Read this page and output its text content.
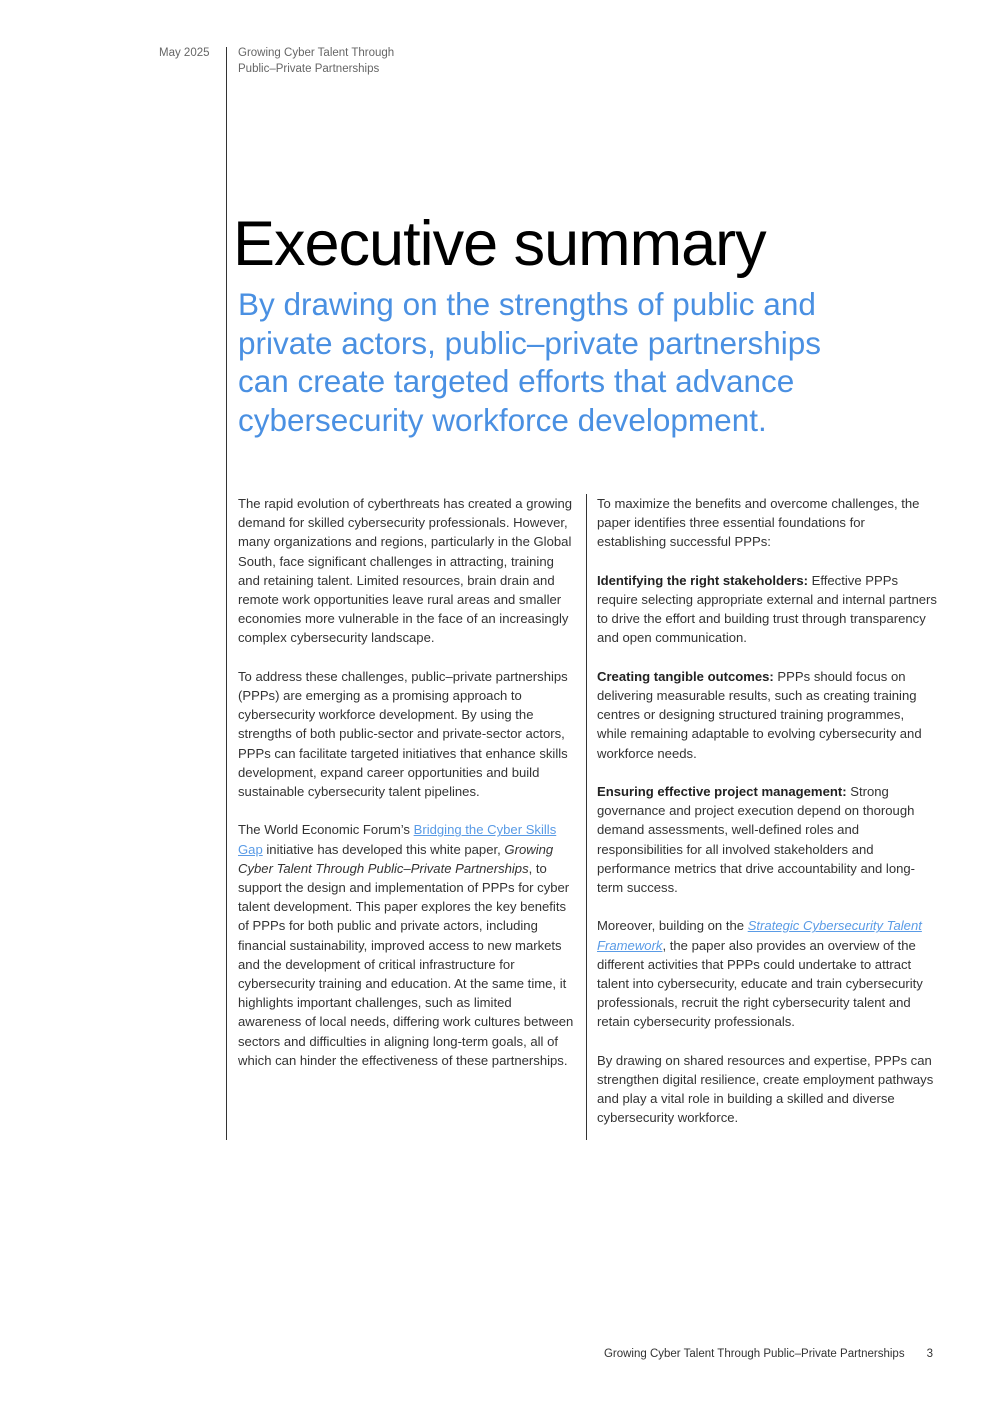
May 2025 Growing Cyber Talent Through
Public–Private Partnerships
Executive summary
By drawing on the strengths of public and private actors, public–private partnerships can create targeted efforts that advance cybersecurity workforce development.

The rapid evolution of cyberthreats has created a growing demand for skilled cybersecurity professionals. However, many organizations and regions, particularly in the Global South, face significant challenges in attracting, training and retaining talent. Limited resources, brain drain and remote work opportunities leave rural areas and smaller economies more vulnerable in the face of an increasingly complex cybersecurity landscape.

To address these challenges, public–private partnerships (PPPs) are emerging as a promising approach to cybersecurity workforce development. By using the strengths of both public-sector and private-sector actors, PPPs can facilitate targeted initiatives that enhance skills development, expand career opportunities and build sustainable cybersecurity talent pipelines.

The World Economic Forum’s Bridging the Cyber Skills Gap initiative has developed this white paper, Growing Cyber Talent Through Public–Private Partnerships, to support the design and implementation of PPPs for cyber talent development. This paper explores the key benefits of PPPs for both public and private actors, including financial sustainability, improved access to new markets and the development of critical infrastructure for cybersecurity training and education. At the same time, it highlights important challenges, such as limited awareness of local needs, differing work cultures between sectors and difficulties in aligning long-term goals, all of which can hinder the effectiveness of these partnerships.

To maximize the benefits and overcome challenges, the paper identifies three essential foundations for establishing successful PPPs:

Identifying the right stakeholders: Effective PPPs require selecting appropriate external and internal partners to drive the effort and building trust through transparency and open communication.

Creating tangible outcomes: PPPs should focus on delivering measurable results, such as creating training centres or designing structured training programmes, while remaining adaptable to evolving cybersecurity and workforce needs.

Ensuring effective project management: Strong governance and project execution depend on thorough demand assessments, well-defined roles and responsibilities for all involved stakeholders and performance metrics that drive accountability and long-term success.

Moreover, building on the Strategic Cybersecurity Talent Framework, the paper also provides an overview of the different activities that PPPs could undertake to attract talent into cybersecurity, educate and train cybersecurity professionals, recruit the right cybersecurity talent and retain cybersecurity professionals.

By drawing on shared resources and expertise, PPPs can strengthen digital resilience, create employment pathways and play a vital role in building a skilled and diverse cybersecurity workforce.

Growing Cyber Talent Through Public–Private Partnerships 3
